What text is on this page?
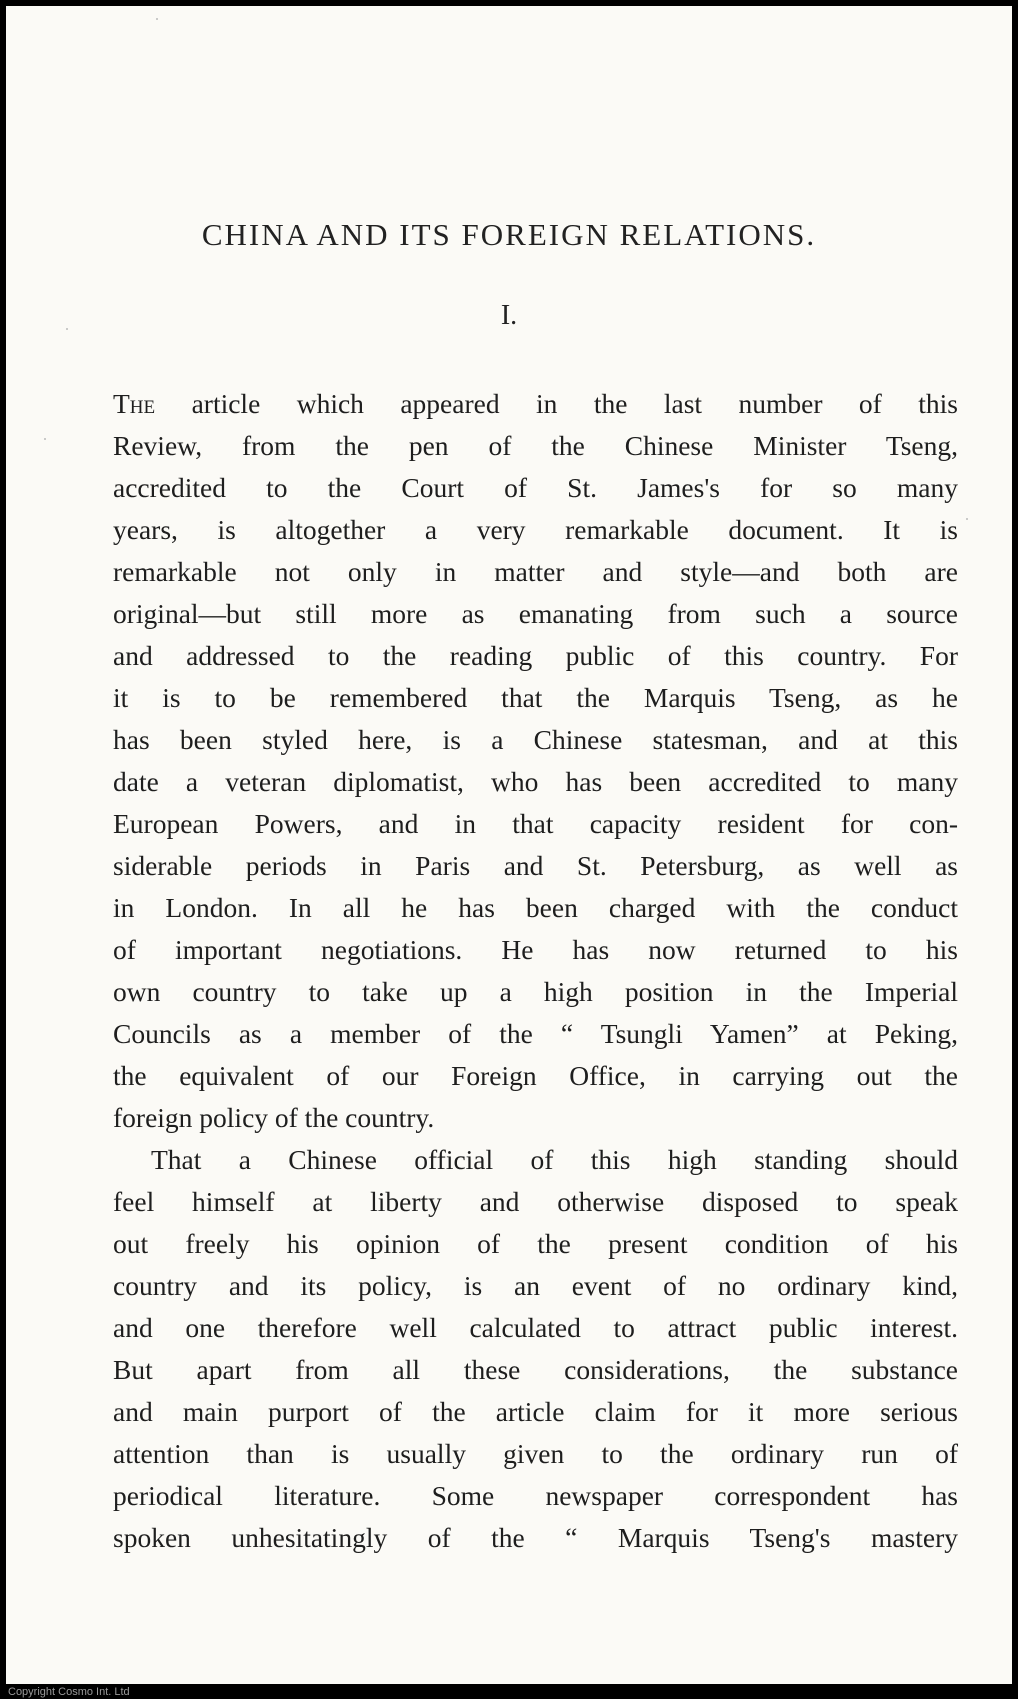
CHINA AND ITS FOREIGN RELATIONS.
I.
The article which appeared in the last number of this
Review, from the pen of the Chinese Minister Tseng,
accredited to the Court of St. James's for so many
years, is altogether a very remarkable document. It is
remarkable not only in matter and style—and both are
original—but still more as emanating from such a source
and addressed to the reading public of this country. For
it is to be remembered that the Marquis Tseng, as he
has been styled here, is a Chinese statesman, and at this
date a veteran diplomatist, who has been accredited to many
European Powers, and in that capacity resident for con-
siderable periods in Paris and St. Petersburg, as well as
in London. In all he has been charged with the conduct
of important negotiations. He has now returned to his
own country to take up a high position in the Imperial
Councils as a member of the “ Tsungli Yamen” at Peking,
the equivalent of our Foreign Office, in carrying out the
foreign policy of the country.
That a Chinese official of this high standing should
feel himself at liberty and otherwise disposed to speak
out freely his opinion of the present condition of his
country and its policy, is an event of no ordinary kind,
and one therefore well calculated to attract public interest.
But apart from all these considerations, the substance
and main purport of the article claim for it more serious
attention than is usually given to the ordinary run of
periodical literature. Some newspaper correspondent has
spoken unhesitatingly of the “ Marquis Tseng's mastery
Copyright Cosmo Int. Ltd
